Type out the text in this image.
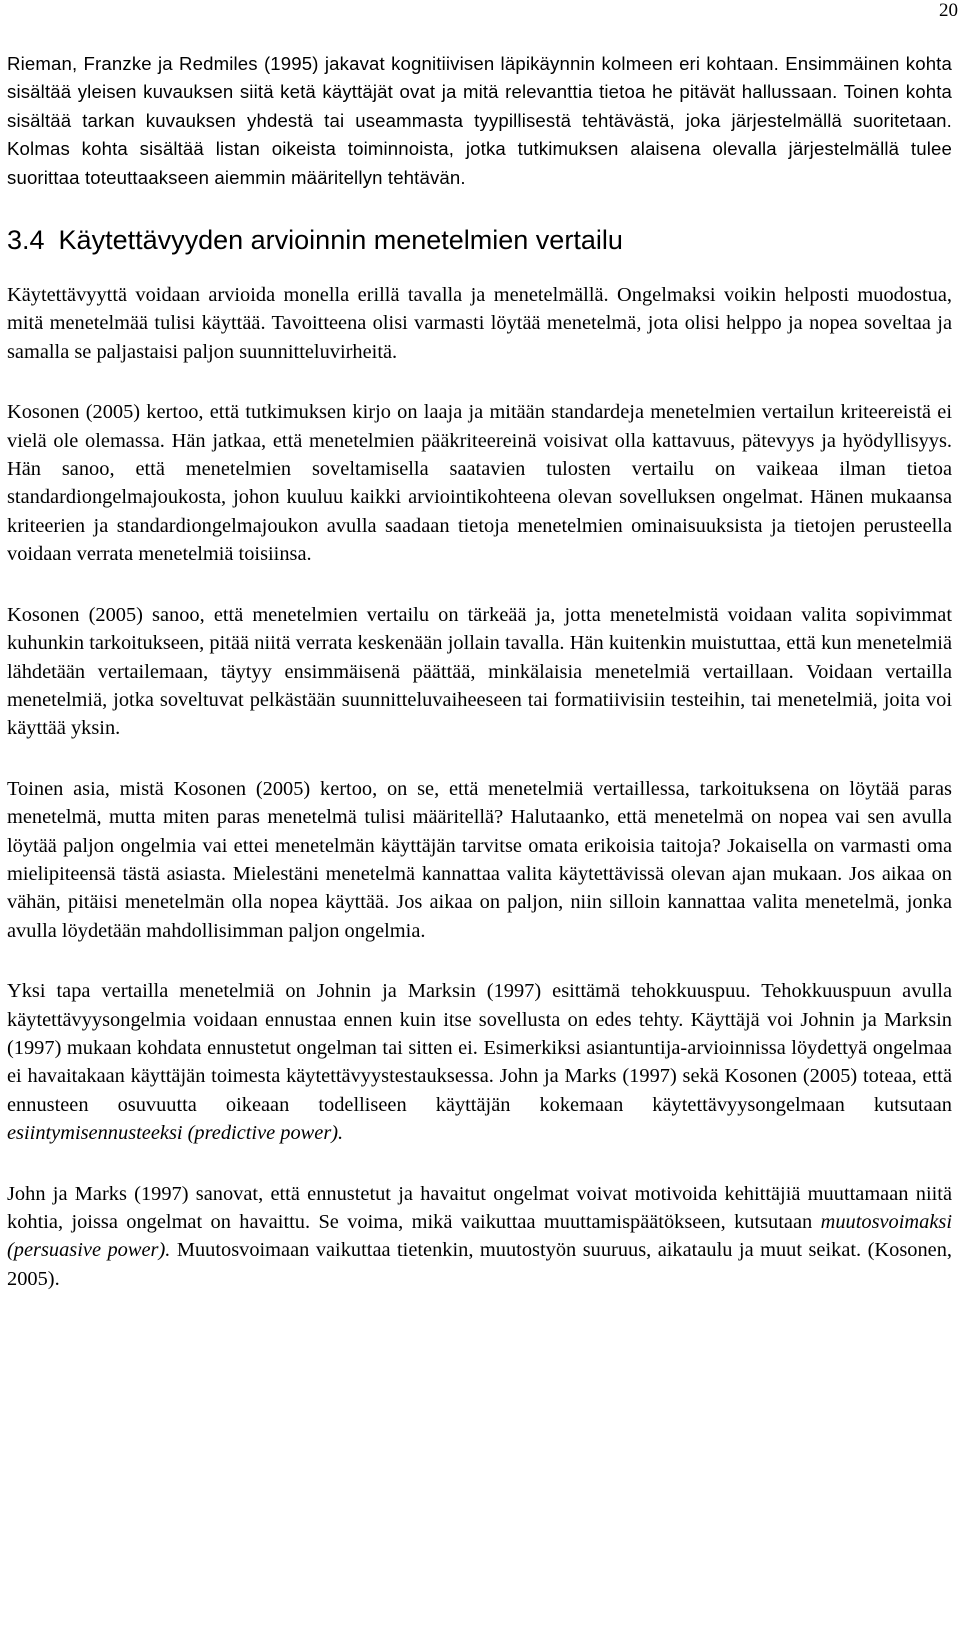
20

Rieman, Franzke ja Redmiles (1995) jakavat kognitiivisen läpikäynnin kolmeen eri kohtaan. Ensimmäinen kohta sisältää yleisen kuvauksen siitä ketä käyttäjät ovat ja mitä relevanttia tietoa he pitävät hallussaan. Toinen kohta sisältää tarkan kuvauksen yhdestä tai useammasta tyypillisestä tehtävästä, joka järjestelmällä suoritetaan. Kolmas kohta sisältää listan oikeista toiminnoista, jotka tutkimuksen alaisena olevalla järjestelmällä tulee suorittaa toteuttaakseen aiemmin määritellyn tehtävän.

3.4 Käytettävyyden arvioinnin menetelmien vertailu

Käytettävyyttä voidaan arvioida monella erillä tavalla ja menetelmällä. Ongelmaksi voikin helposti muodostua, mitä menetelmää tulisi käyttää. Tavoitteena olisi varmasti löytää menetelmä, jota olisi helppo ja nopea soveltaa ja samalla se paljastaisi paljon suunnitteluvirheitä.

Kosonen (2005) kertoo, että tutkimuksen kirjo on laaja ja mitään standardeja menetelmien vertailun kriteereistä ei vielä ole olemassa. Hän jatkaa, että menetelmien pääkriteereinä voisivat olla kattavuus, pätevyys ja hyödyllisyys. Hän sanoo, että menetelmien soveltamisella saatavien tulosten vertailu on vaikeaa ilman tietoa standardiongelmajoukosta, johon kuuluu kaikki arviointikohteena olevan sovelluksen ongelmat. Hänen mukaansa kriteerien ja standardiongelmajoukon avulla saadaan tietoja menetelmien ominaisuuksista ja tietojen perusteella voidaan verrata menetelmiä toisiinsa.

Kosonen (2005) sanoo, että menetelmien vertailu on tärkeää ja, jotta menetelmistä voidaan valita sopivimmat kuhunkin tarkoitukseen, pitää niitä verrata keskenään jollain tavalla. Hän kuitenkin muistuttaa, että kun menetelmiä lähdetään vertailemaan, täytyy ensimmäisenä päättää, minkälaisia menetelmiä vertaillaan. Voidaan vertailla menetelmiä, jotka soveltuvat pelkästään suunnitteluvaiheeseen tai formatiivisiin testeihin, tai menetelmiä, joita voi käyttää yksin.

Toinen asia, mistä Kosonen (2005) kertoo, on se, että menetelmiä vertaillessa, tarkoituksena on löytää paras menetelmä, mutta miten paras menetelmä tulisi määritellä? Halutaanko, että menetelmä on nopea vai sen avulla löytää paljon ongelmia vai ettei menetelmän käyttäjän tarvitse omata erikoisia taitoja? Jokaisella on varmasti oma mielipiteensä tästä asiasta. Mielestäni menetelmä kannattaa valita käytettävissä olevan ajan mukaan. Jos aikaa on vähän, pitäisi menetelmän olla nopea käyttää. Jos aikaa on paljon, niin silloin kannattaa valita menetelmä, jonka avulla löydetään mahdollisimman paljon ongelmia.

Yksi tapa vertailla menetelmiä on Johnin ja Marksin (1997) esittämä tehokkuuspuu. Tehokkuuspuun avulla käytettävyysongelmia voidaan ennustaa ennen kuin itse sovellusta on edes tehty. Käyttäjä voi Johnin ja Marksin (1997) mukaan kohdata ennustetut ongelman tai sitten ei. Esimerkiksi asiantuntija-arvioinnissa löydettyä ongelmaa ei havaitakaan käyttäjän toimesta käytettävyystestauksessa. John ja Marks (1997) sekä Kosonen (2005) toteaa, että ennusteen osuvuutta oikeaan todelliseen käyttäjän kokemaan käytettävyysongelmaan kutsutaan esiintymisennusteeksi (predictive power).

John ja Marks (1997) sanovat, että ennustetut ja havaitut ongelmat voivat motivoida kehittäjiä muuttamaan niitä kohtia, joissa ongelmat on havaittu. Se voima, mikä vaikuttaa muuttamispäätökseen, kutsutaan muutosvoimaksi (persuasive power). Muutosvoimaan vaikuttaa tietenkin, muutostyön suuruus, aikataulu ja muut seikat. (Kosonen, 2005).
